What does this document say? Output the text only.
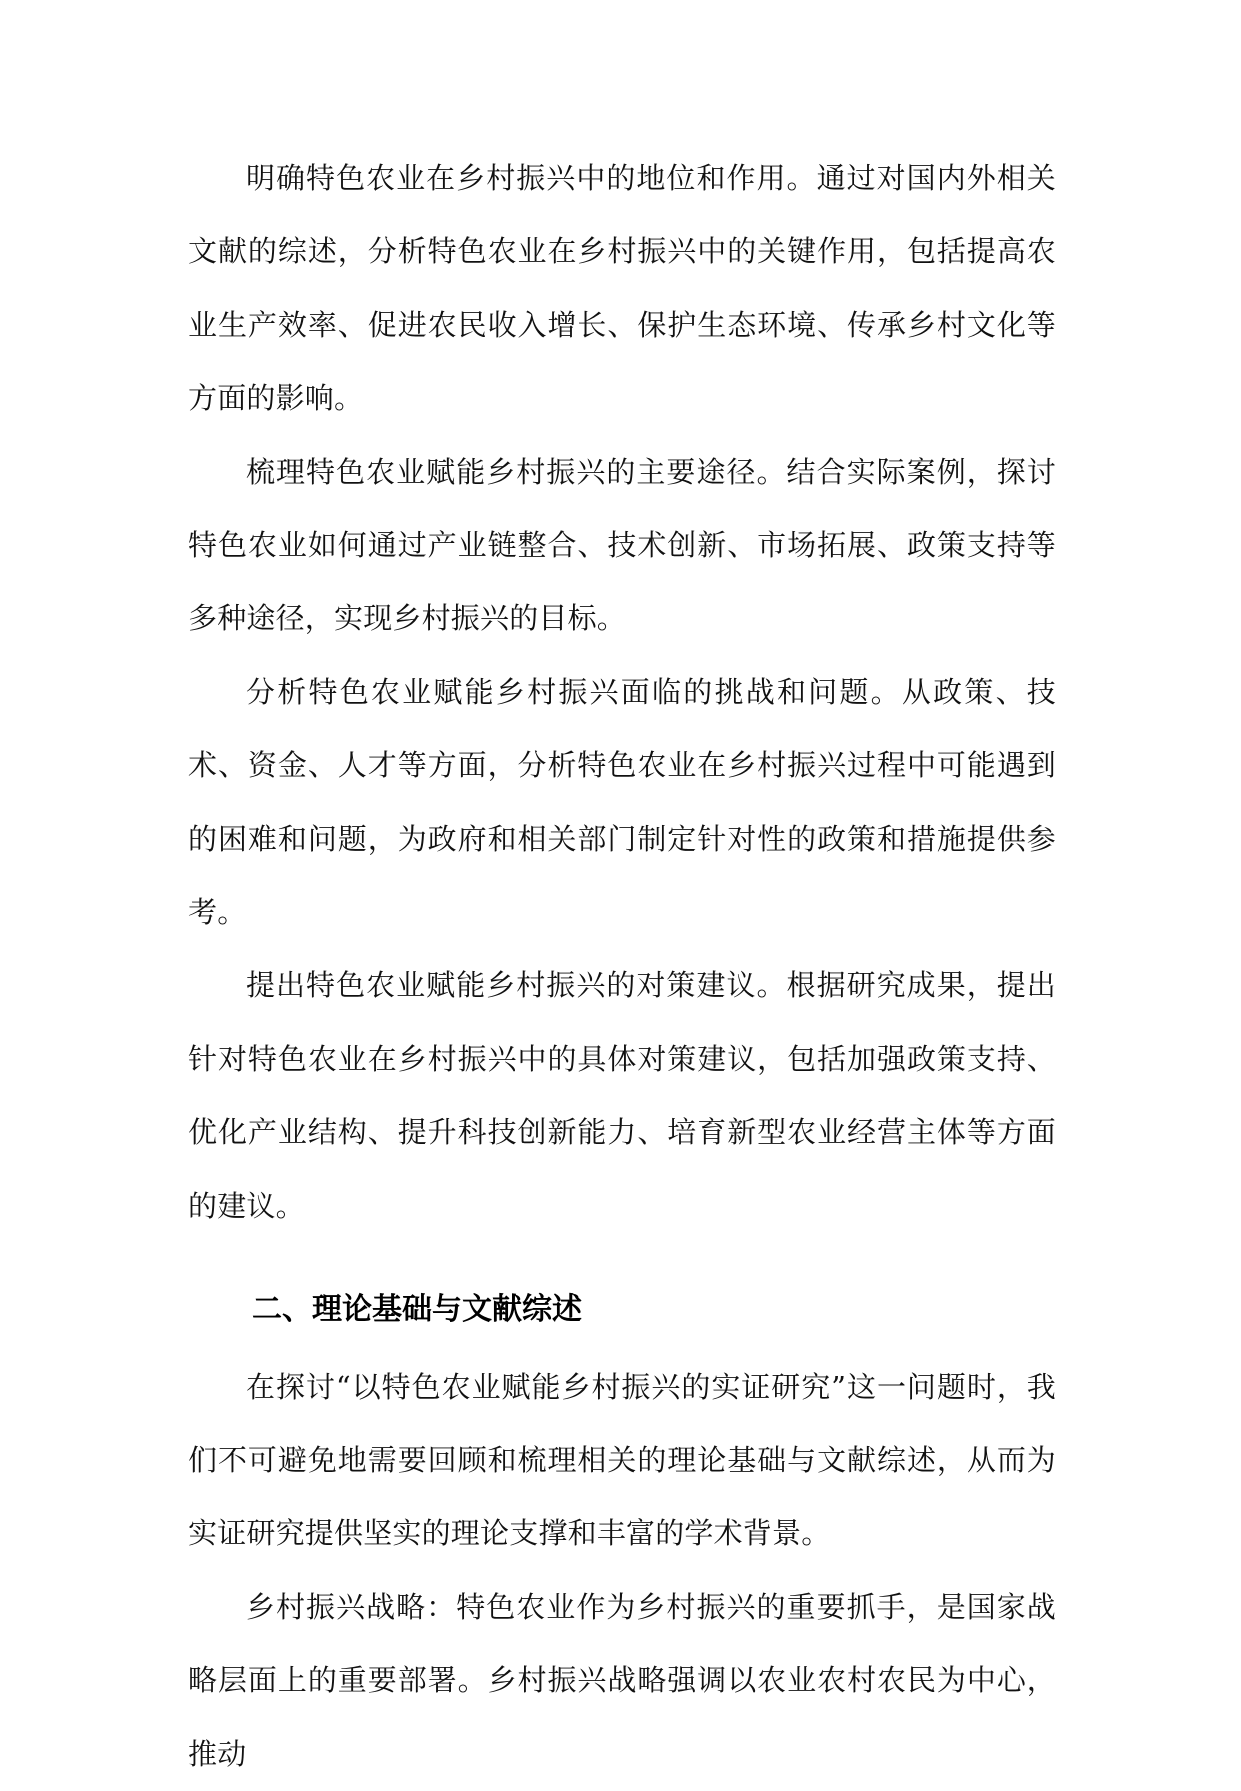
明确特色农业在乡村振兴中的地位和作用。通过对国内外相关文献的综述，分析特色农业在乡村振兴中的关键作用，包括提高农业生产效率、促进农民收入增长、保护生态环境、传承乡村文化等方面的影响。

梳理特色农业赋能乡村振兴的主要途径。结合实际案例，探讨特色农业如何通过产业链整合、技术创新、市场拓展、政策支持等多种途径，实现乡村振兴的目标。

分析特色农业赋能乡村振兴面临的挑战和问题。从政策、技术、资金、人才等方面，分析特色农业在乡村振兴过程中可能遇到的困难和问题，为政府和相关部门制定针对性的政策和措施提供参考。

提出特色农业赋能乡村振兴的对策建议。根据研究成果，提出针对特色农业在乡村振兴中的具体对策建议，包括加强政策支持、优化产业结构、提升科技创新能力、培育新型农业经营主体等方面的建议。

二、理论基础与文献综述

在探讨“以特色农业赋能乡村振兴的实证研究”这一问题时，我们不可避免地需要回顾和梳理相关的理论基础与文献综述，从而为实证研究提供坚实的理论支撑和丰富的学术背景。

乡村振兴战略：特色农业作为乡村振兴的重要抓手，是国家战略层面上的重要部署。乡村振兴战略强调以农业农村农民为中心，推动
